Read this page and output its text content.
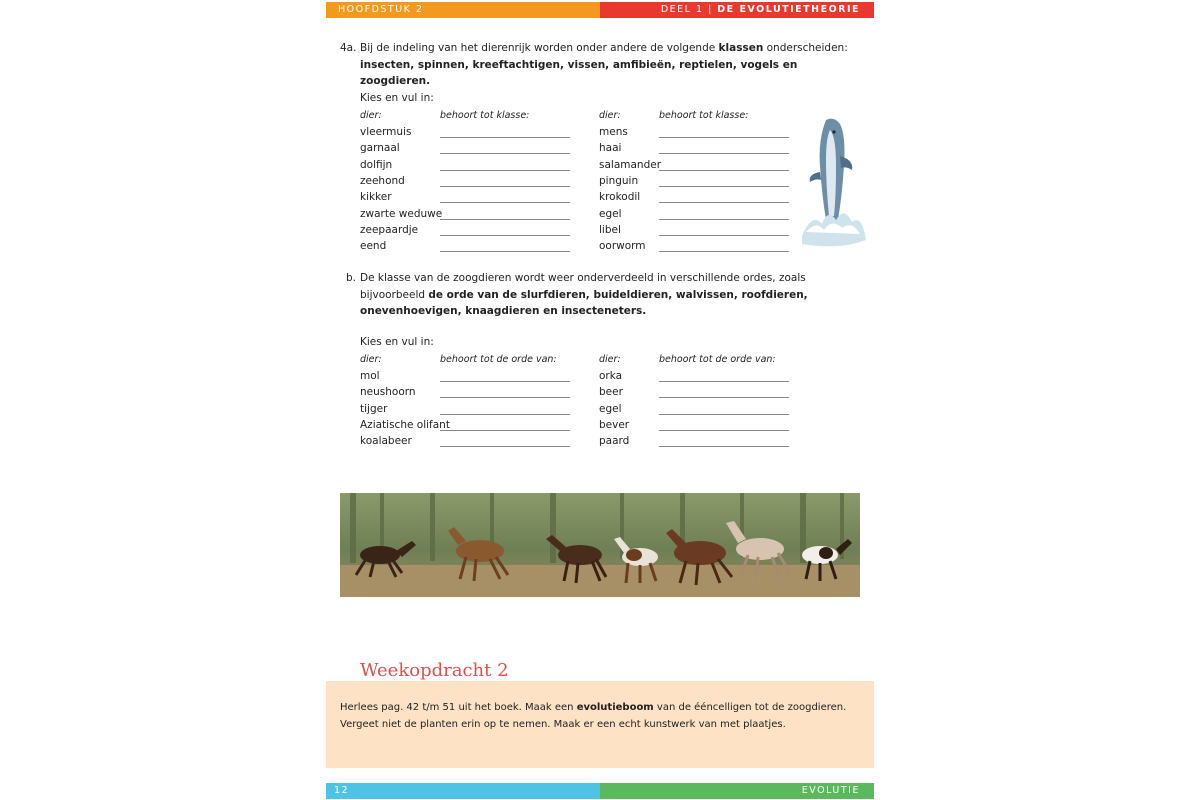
HOOFDSTUK 2	DEEL 1 | DE EVOLUTIETHEORIE
4a. Bij de indeling van het dierenrijk worden onder andere de volgende klassen onderscheiden:
insecten, spinnen, kreeftachtigen, vissen, amfibieën, reptielen, vogels en zoogdieren.
Kies en vul in:
dier:	behoort tot klasse:
vleermuis
garnaal
dolfijn
zeehond
kikker
zwarte weduwe
zeepaardje
eend
dier:	behoort tot klasse:
mens
haai
salamander
pinguin
krokodil
egel
libel
oorworm
b. De klasse van de zoogdieren wordt weer onderverdeeld in verschillende ordes, zoals bijvoorbeeld de orde van de slurfdieren, buideldieren, walvissen, roofdieren, onevenhoevigen, knaagdieren en insecteneters.
Kies en vul in:
dier:	behoort tot de orde van:
mol
neushoorn
tijger
Aziatische olifant
koalabeer
dier:	behoort tot de orde van:
orka
beer
egel
bever
paard
Weekopdracht 2
Herlees pag. 42 t/m 51 uit het boek. Maak een evolutieboom van de ééncelligen tot de zoogdieren.
Vergeet niet de planten erin op te nemen. Maak er een echt kunstwerk van met plaatjes.
12	EVOLUTIE
